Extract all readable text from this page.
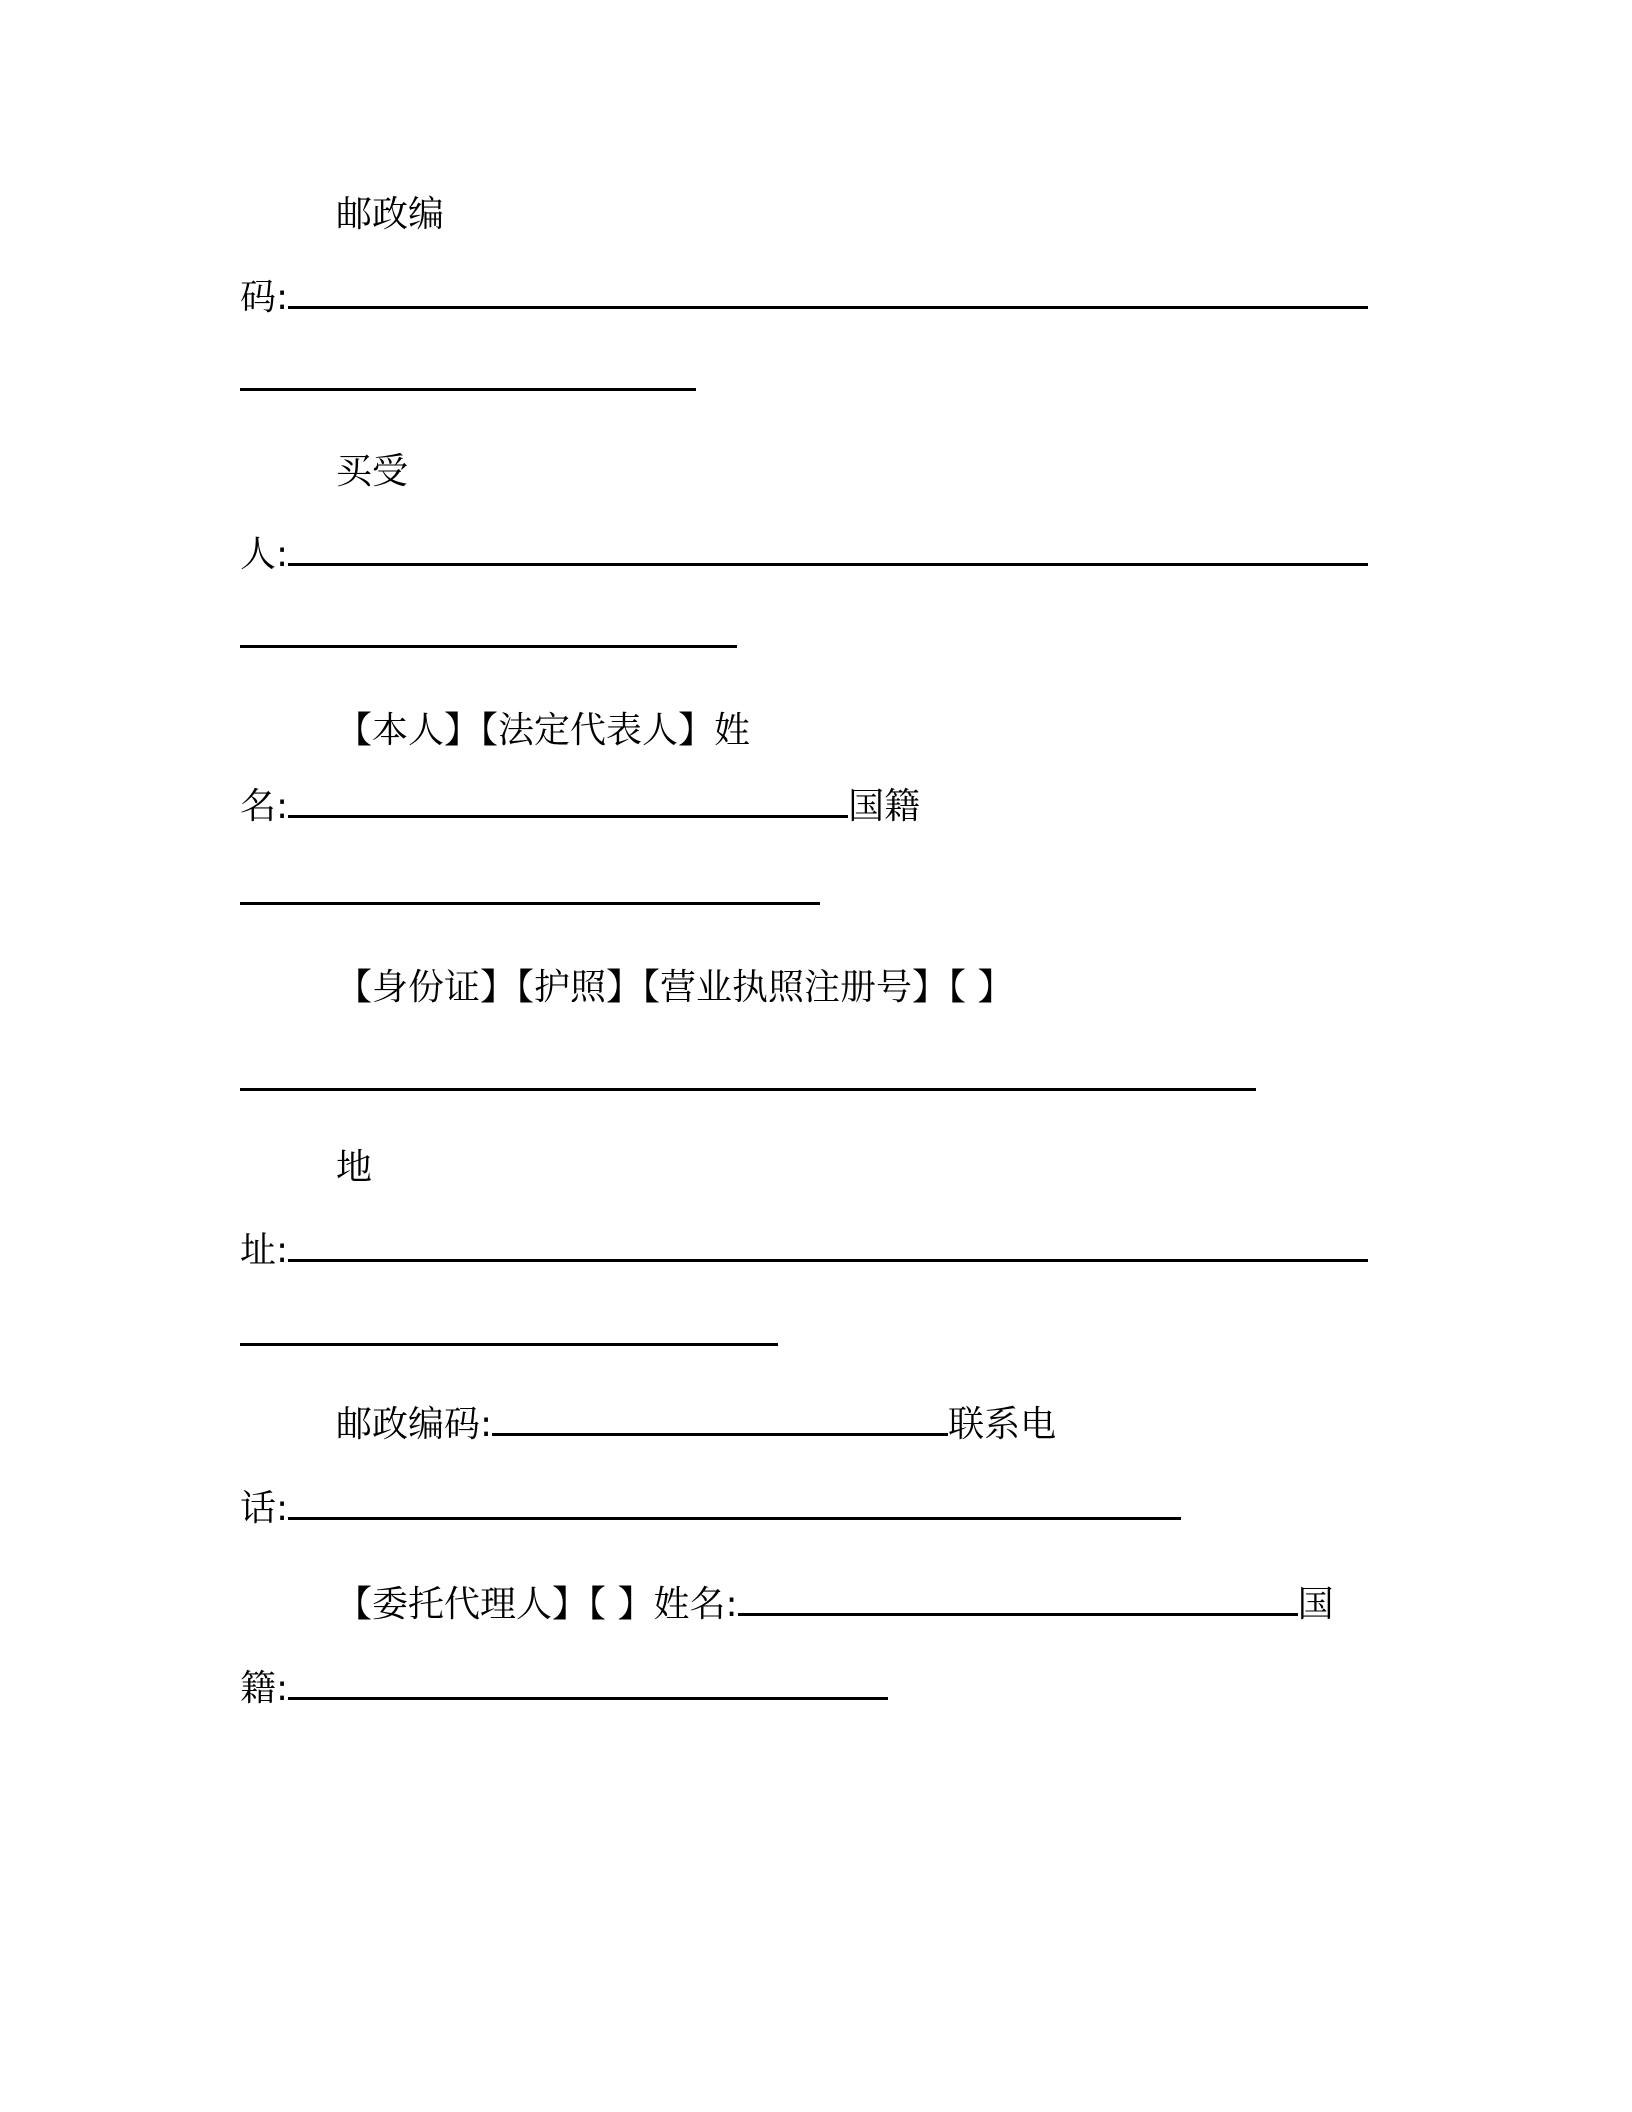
邮政编
码:
买受
人:
【本人】【法定代表人】姓
名:	国籍
【身份证】【护照】【营业执照注册号】【 】
地
址:
邮政编码:	联系电
话:
【委托代理人】【 】姓名:	国
籍:
